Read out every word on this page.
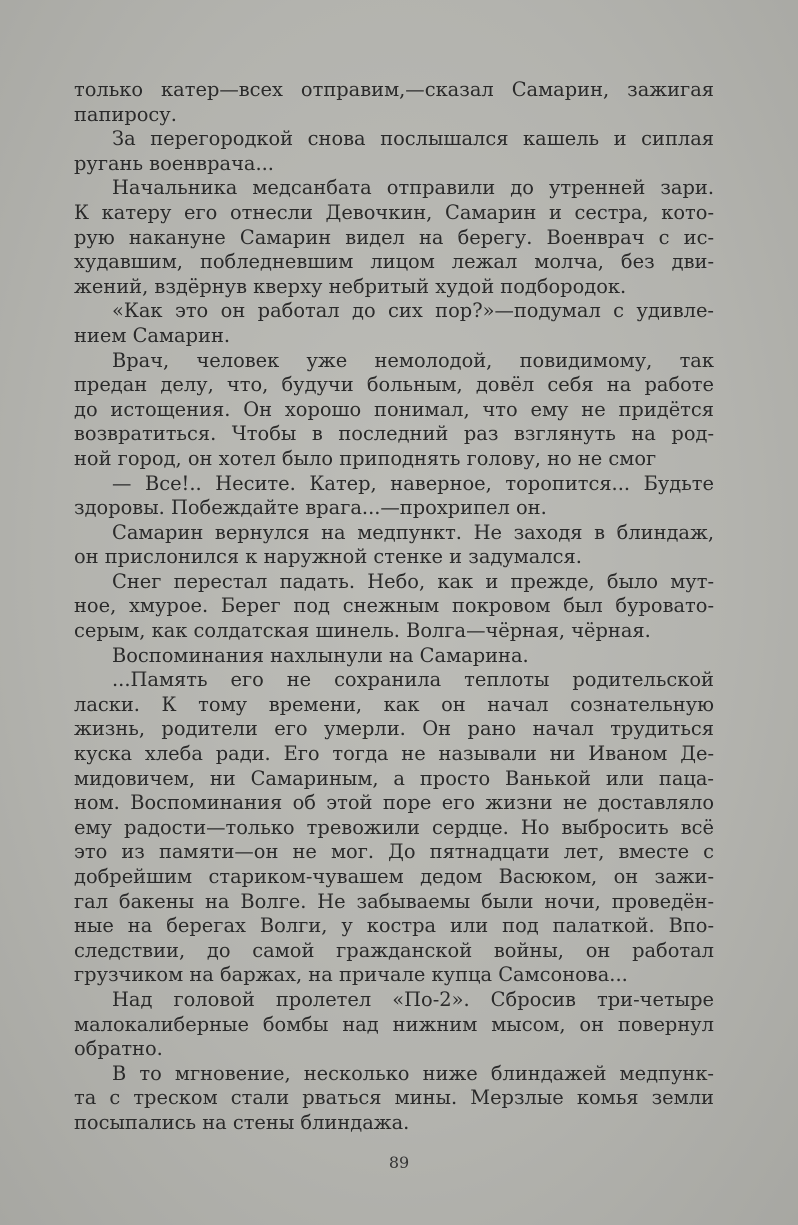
только катер—всех отправим,—сказал Самарин, зажигая
папиросу.
За перегородкой снова послышался кашель и сиплая
ругань военврача...
Начальника медсанбата отправили до утренней зари.
К катеру его отнесли Девочкин, Самарин и сестра, кото-
рую накануне Самарин видел на берегу. Военврач с ис-
худавшим, побледневшим лицом лежал молча, без дви-
жений, вздёрнув кверху небритый худой подбородок.
«Как это он работал до сих пор?»—подумал с удивле-
нием Самарин.
Врач, человек уже немолодой, повидимому, так
предан делу, что, будучи больным, довёл себя на работе
до истощения. Он хорошо понимал, что ему не придётся
возвратиться. Чтобы в последний раз взглянуть на род-
ной город, он хотел было приподнять голову, но не смог
— Все!.. Несите. Катер, наверное, торопится... Будьте
здоровы. Побеждайте врага...—прохрипел он.
Самарин вернулся на медпункт. Не заходя в блиндаж,
он прислонился к наружной стенке и задумался.
Снег перестал падать. Небо, как и прежде, было мут-
ное, хмурое. Берег под снежным покровом был буровато-
серым, как солдатская шинель. Волга—чёрная, чёрная.
Воспоминания нахлынули на Самарина.
...Память его не сохранила теплоты родительской
ласки. К тому времени, как он начал сознательную
жизнь, родители его умерли. Он рано начал трудиться
куска хлеба ради. Его тогда не называли ни Иваном Де-
мидовичем, ни Самариным, а просто Ванькой или паца-
ном. Воспоминания об этой поре его жизни не доставляло
ему радости—только тревожили сердце. Но выбросить всё
это из памяти—он не мог. До пятнадцати лет, вместе с
добрейшим стариком-чувашем дедом Васюком, он зажи-
гал бакены на Волге. Не забываемы были ночи, проведён-
ные на берегах Волги, у костра или под палаткой. Впо-
следствии, до самой гражданской войны, он работал
грузчиком на баржах, на причале купца Самсонова...
Над головой пролетел «По-2». Сбросив три-четыре
малокалиберные бомбы над нижним мысом, он повернул
обратно.
В то мгновение, несколько ниже блиндажей медпунк-
та с треском стали рваться мины. Мерзлые комья земли
посыпались на стены блиндажа.
89
